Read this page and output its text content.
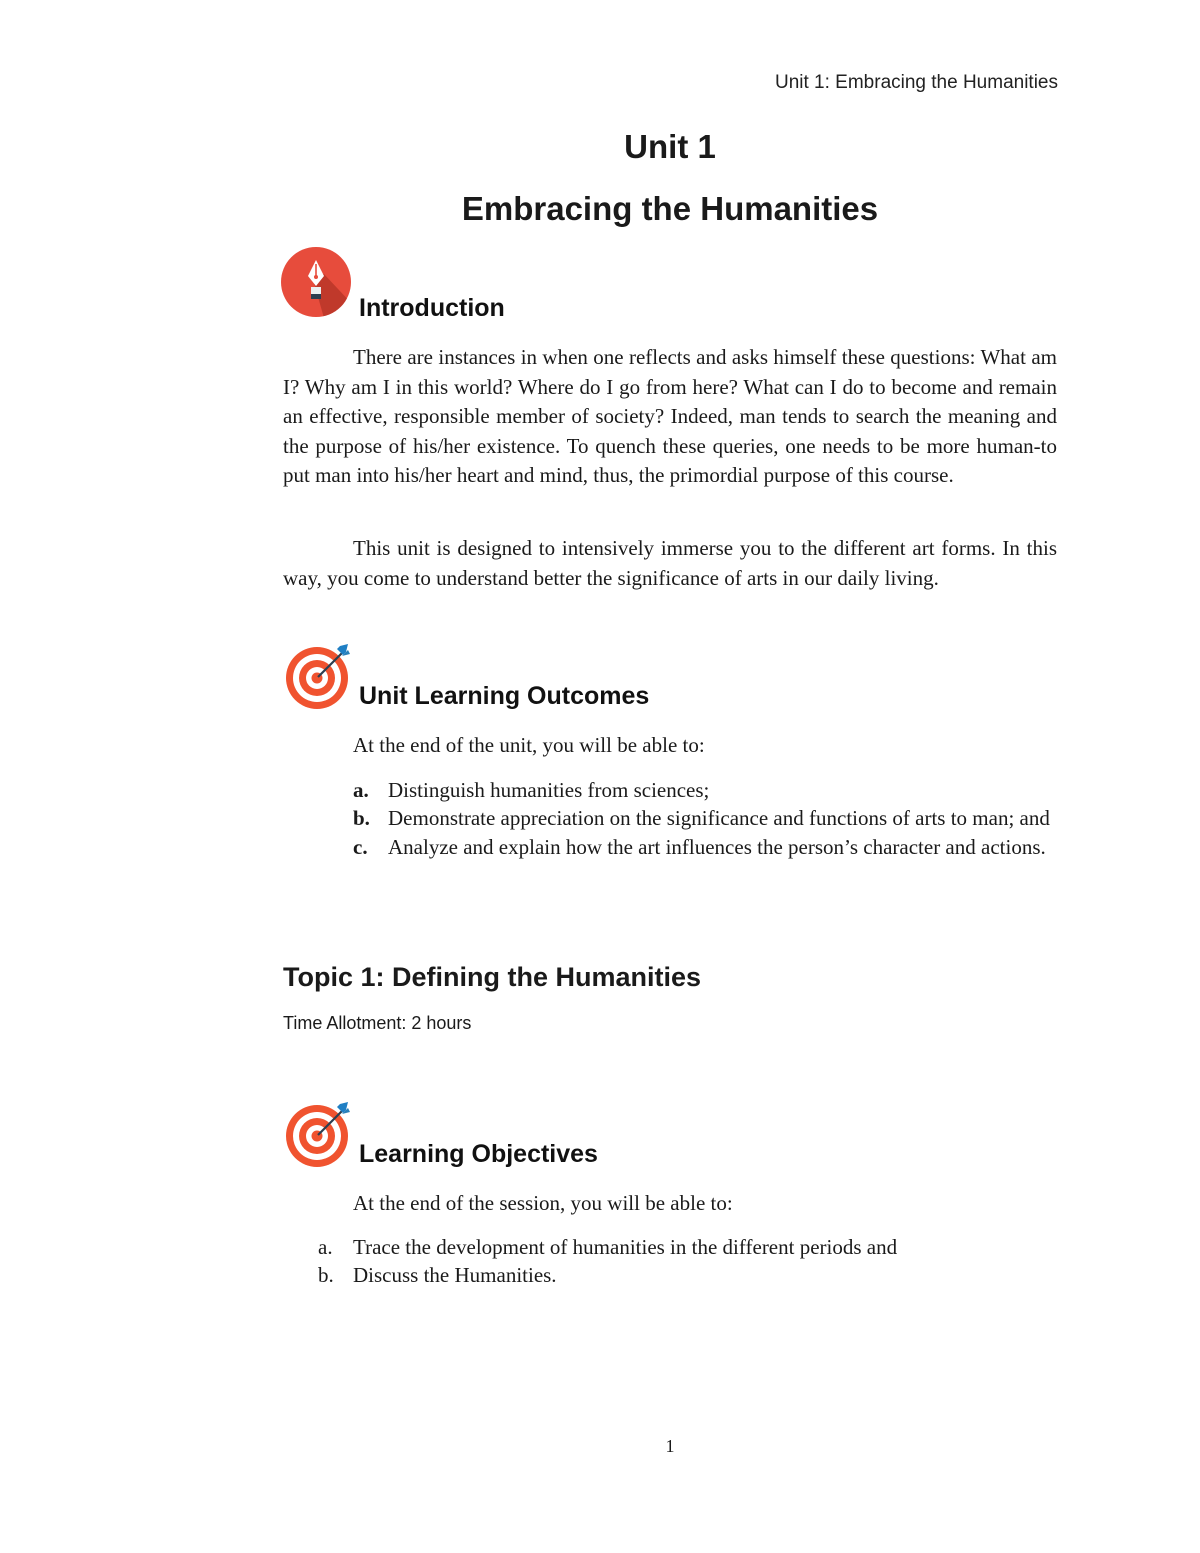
Unit 1: Embracing the Humanities
Unit 1
Embracing the Humanities
Introduction

There are instances in when one reflects and asks himself these questions: What am I? Why am I in this world? Where do I go from here? What can I do to become and remain an effective, responsible member of society? Indeed, man tends to search the meaning and the purpose of his/her existence. To quench these queries, one needs to be more human-to put man into his/her heart and mind, thus, the primordial purpose of this course.

This unit is designed to intensively immerse you to the different art forms. In this way, you come to understand better the significance of arts in our daily living.

Unit Learning Outcomes

At the end of the unit, you will be able to:

a. Distinguish humanities from sciences;
b. Demonstrate appreciation on the significance and functions of arts to man; and
c. Analyze and explain how the art influences the person’s character and actions.
Topic 1: Defining the Humanities
Time Allotment: 2 hours
Learning Objectives

At the end of the session, you will be able to:

a. Trace the development of humanities in the different periods and
b. Discuss the Humanities.
1
